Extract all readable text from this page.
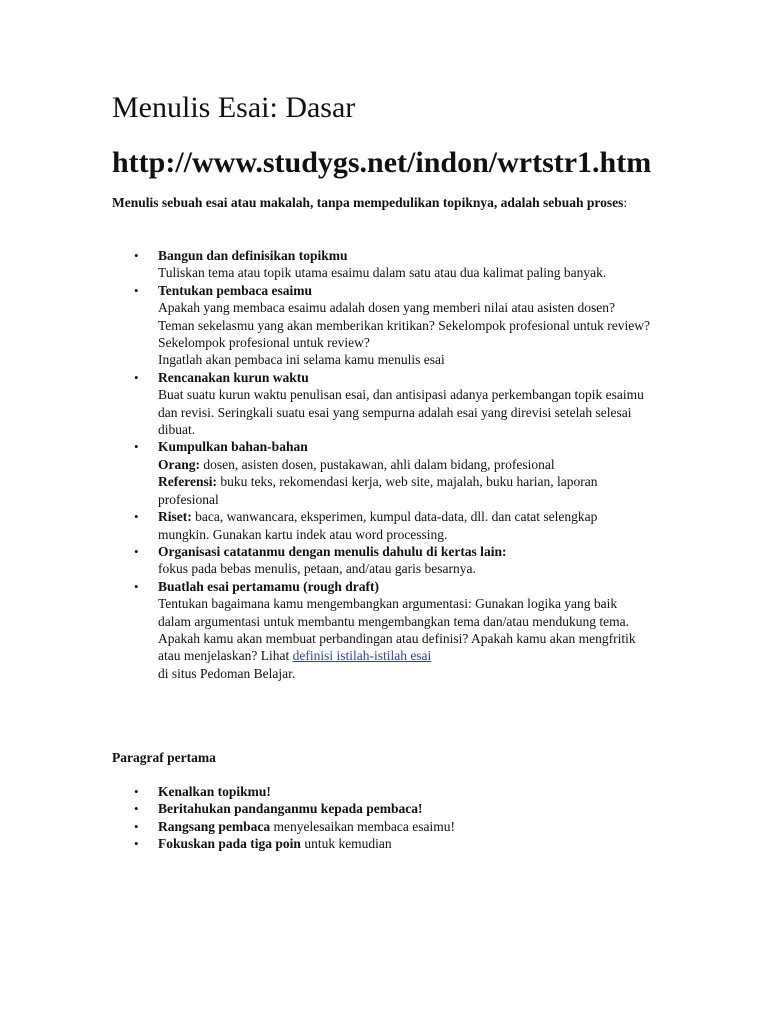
Menulis Esai: Dasar
http://www.studygs.net/indon/wrtstr1.htm

Menulis sebuah esai atau makalah, tanpa mempedulikan topiknya, adalah sebuah proses:

• Bangun dan definisikan topikmu
Tuliskan tema atau topik utama esaimu dalam satu atau dua kalimat paling banyak.
• Tentukan pembaca esaimu
Apakah yang membaca esaimu adalah dosen yang memberi nilai atau asisten dosen?
Teman sekelasmu yang akan memberikan kritikan? Sekelompok profesional untuk review?
Sekelompok profesional untuk review?
Ingatlah akan pembaca ini selama kamu menulis esai
• Rencanakan kurun waktu
Buat suatu kurun waktu penulisan esai, dan antisipasi adanya perkembangan topik esaimu dan revisi. Seringkali suatu esai yang sempurna adalah esai yang direvisi setelah selesai dibuat.
• Kumpulkan bahan-bahan
Orang: dosen, asisten dosen, pustakawan, ahli dalam bidang, profesional
Referensi: buku teks, rekomendasi kerja, web site, majalah, buku harian, laporan profesional
• Riset: baca, wanwancara, eksperimen, kumpul data-data, dll. dan catat selengkap mungkin. Gunakan kartu indek atau word processing.
• Organisasi catatanmu dengan menulis dahulu di kertas lain:
fokus pada bebas menulis, petaan, and/atau garis besarnya.
• Buatlah esai pertamamu (rough draft)
Tentukan bagaimana kamu mengembangkan argumentasi: Gunakan logika yang baik dalam argumentasi untuk membantu mengembangkan tema dan/atau mendukung tema. Apakah kamu akan membuat perbandingan atau definisi? Apakah kamu akan mengfritik atau menjelaskan? Lihat definisi istilah-istilah esai
di situs Pedoman Belajar.

Paragraf pertama

• Kenalkan topikmu!
• Beritahukan pandanganmu kepada pembaca!
• Rangsang pembaca menyelesaikan membaca esaimu!
• Fokuskan pada tiga poin untuk kemudian
